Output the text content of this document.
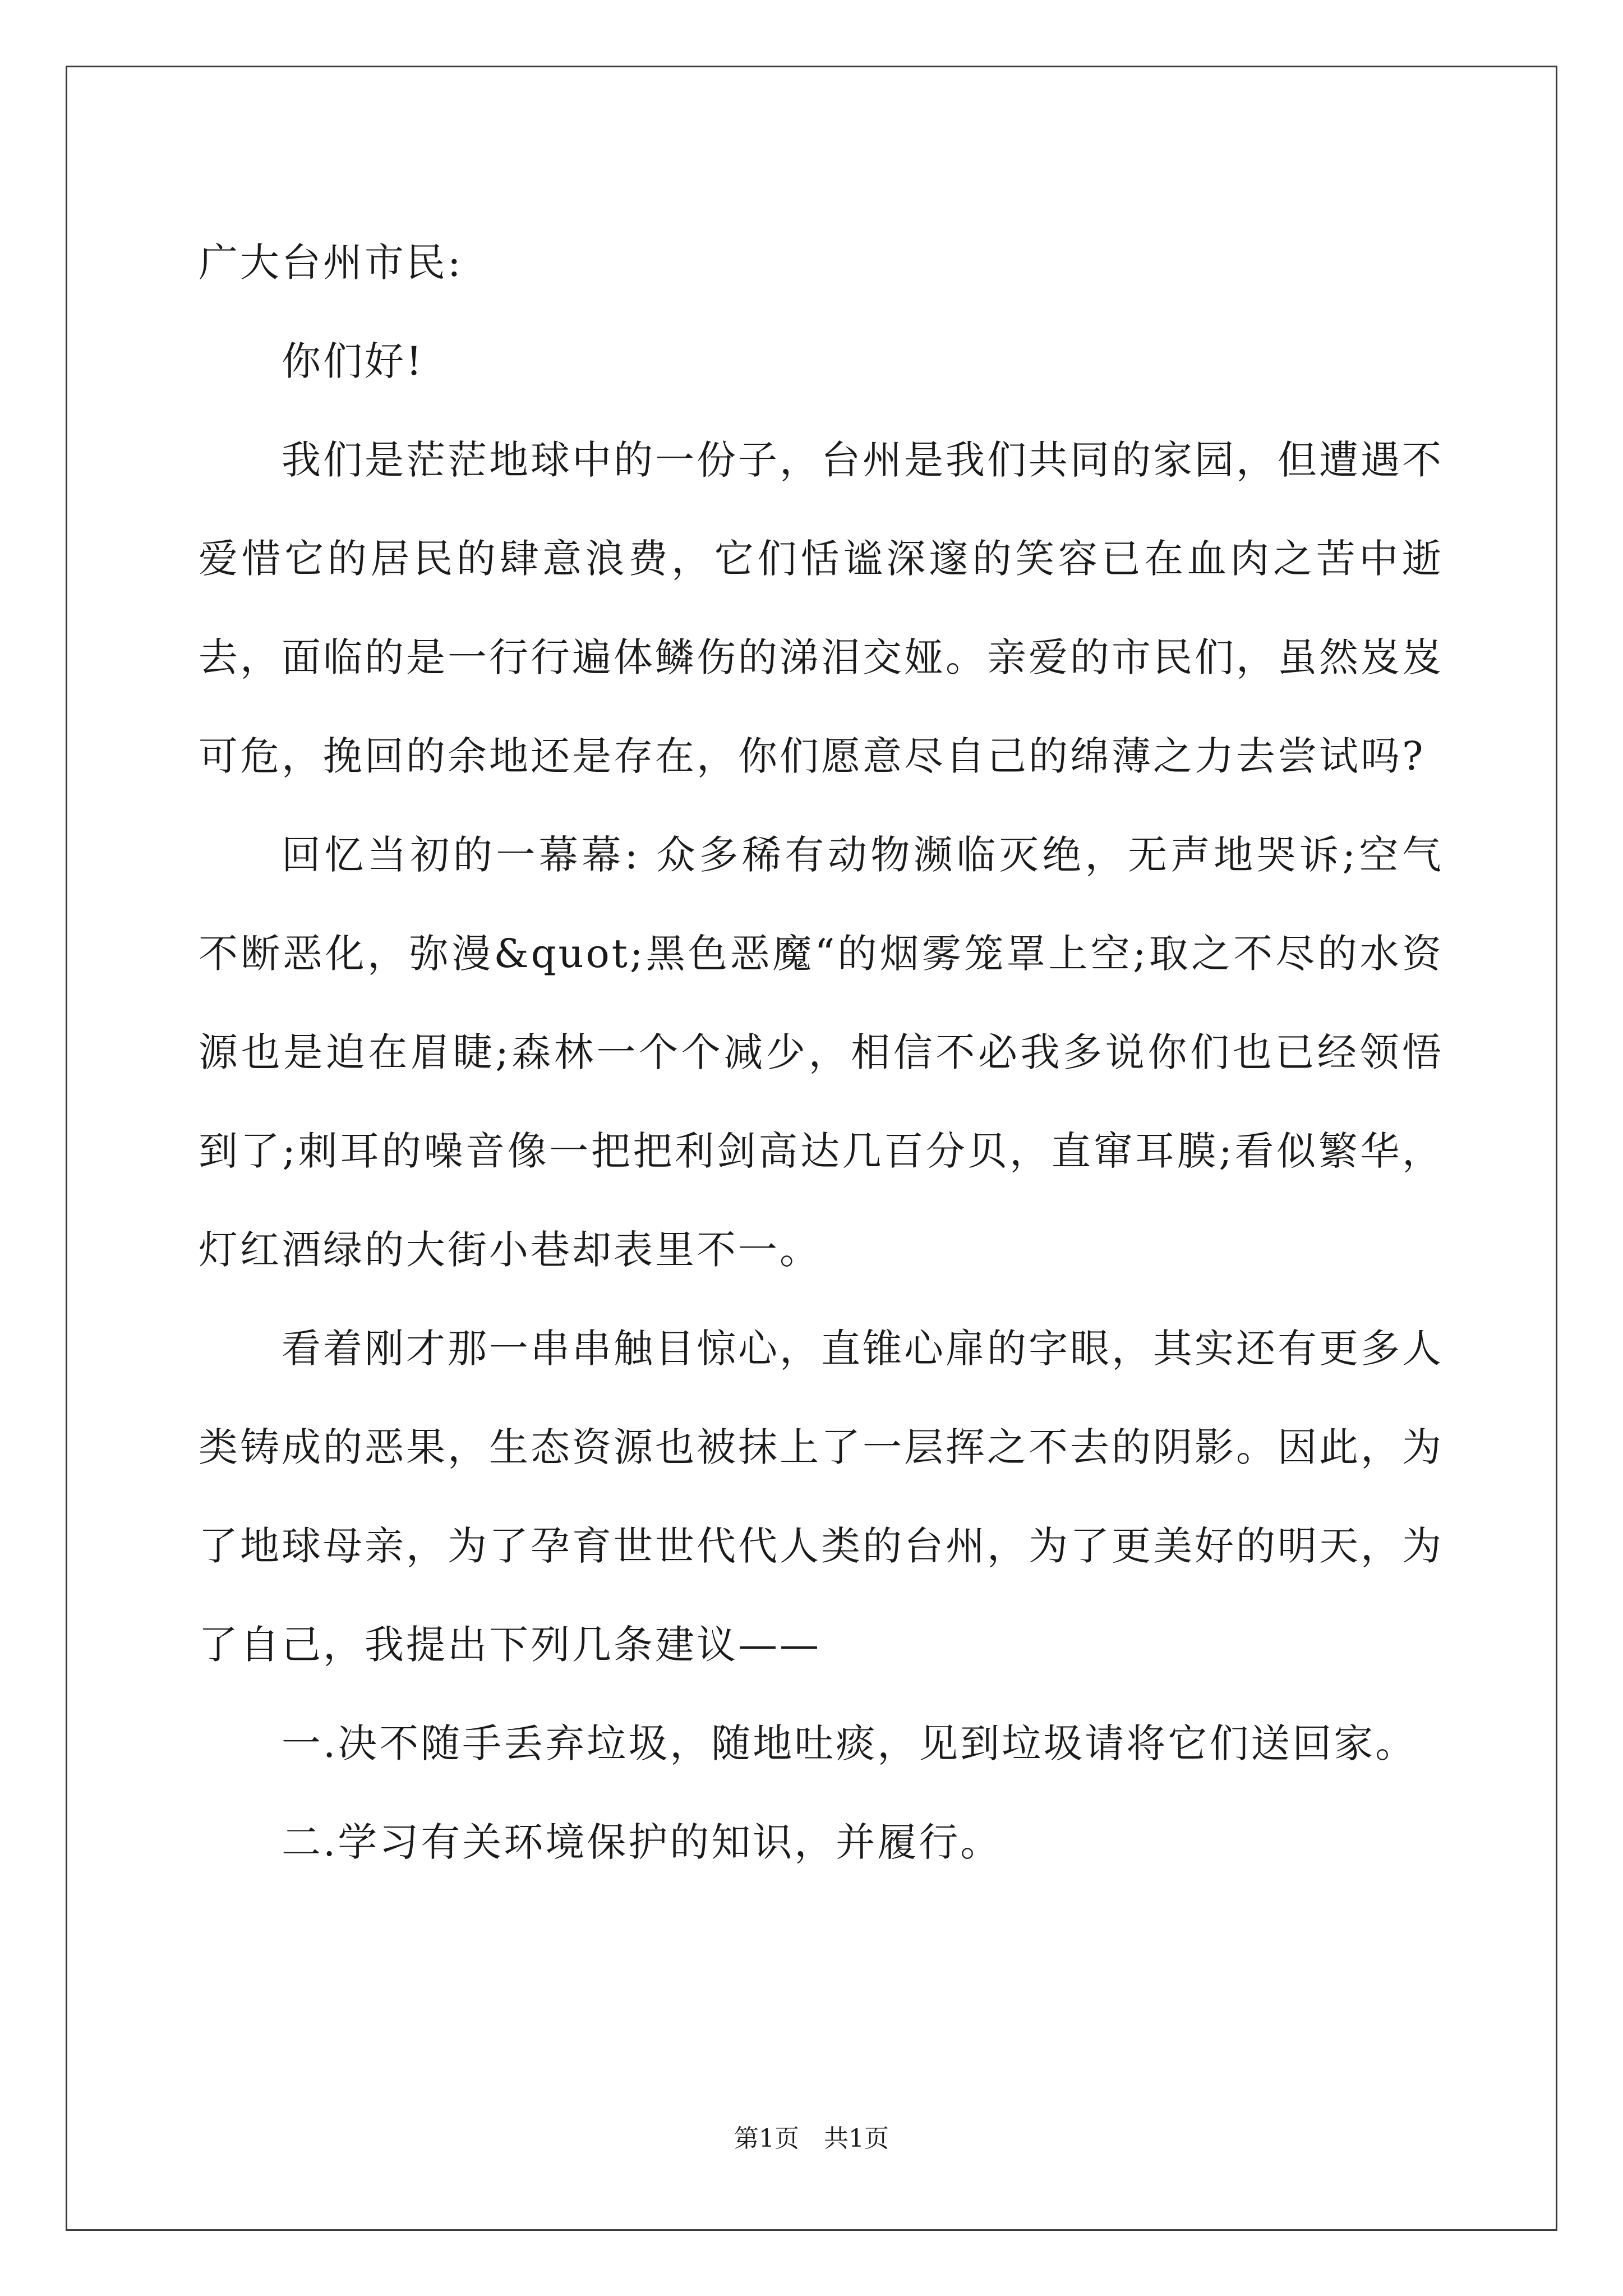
广大台州市民:

你们好!

我们是茫茫地球中的一份子，台州是我们共同的家园，但遭遇不爱惜它的居民的肆意浪费，它们恬谧深邃的笑容已在血肉之苦中逝去，面临的是一行行遍体鳞伤的涕泪交娅。亲爱的市民们，虽然岌岌可危，挽回的余地还是存在，你们愿意尽自己的绵薄之力去尝试吗?

回忆当初的一幕幕: 众多稀有动物濒临灭绝，无声地哭诉;空气不断恶化，弥漫&quot;黑色恶魔“的烟雾笼罩上空;取之不尽的水资源也是迫在眉睫;森林一个个减少，相信不必我多说你们也已经领悟到了;刺耳的噪音像一把把利剑高达几百分贝，直窜耳膜;看似繁华，灯红酒绿的大街小巷却表里不一。

看着刚才那一串串触目惊心，直锥心扉的字眼，其实还有更多人类铸成的恶果，生态资源也被抹上了一层挥之不去的阴影。因此，为了地球母亲，为了孕育世世代代人类的台州，为了更美好的明天，为了自己，我提出下列几条建议——

一.决不随手丢弃垃圾，随地吐痰，见到垃圾请将它们送回家。

二.学习有关环境保护的知识，并履行。

第1页 共1页
